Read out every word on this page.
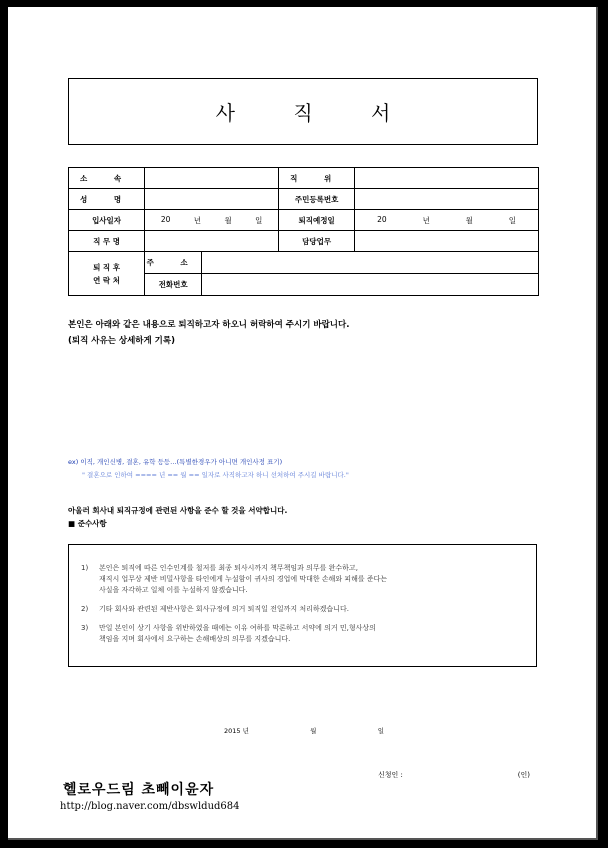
사 직 서
소 속		직 위	
성 명		주민등록번호	
입사일자	20 년 월 일	퇴직예정일	20 년 월 일

직 무 명		담당업무	

퇴 직 후
연 락 처	주 소		

전화번호		
본인은 아래와 같은 내용으로 퇴직하고자 하오니 허락하여 주시기 바랍니다.
(퇴직 사유는 상세하게 기록)
ex) 이직, 개인신병, 결혼, 유학 등등…(특별한경우가 아니면 개인사정 표기)
" 결혼으로 인하여 ==== 년 == 월 == 일자로 사직하고자 하니 선처하여 주시길 바랍니다."
아울러 회사내 퇴직규정에 관련된 사항을 준수 할 것을 서약합니다.
■ 준수사항
1)	본인은 퇴직에 따른 인수인계를 철저를 최종 퇴사시까지 책무책임과 의무를 완수하고,
재직시 업무상 제반 비밀사항을 타인에게 누설함이 귀사의 경업에 막대한 손해와 피해를 준다는
사실을 자각하고 일체 이를 누설하지 않겠습니다.
2)	기타 회사와 관련된 제반사항은 회사규정에 의거 퇴직일 전일까지 처리하겠습니다.
3)	만일 본인이 상기 사항을 위반하였을 때에는 이유 여하를 막론하고 서약에 의거 민,형사상의
책임을 지며 회사에서 요구하는 손해배상의 의무를 지겠습니다.
2015 년	월	일
신청인 :	(인)
헬로우드림 초빼이윤자
http://blog.naver.com/dbswldud684
